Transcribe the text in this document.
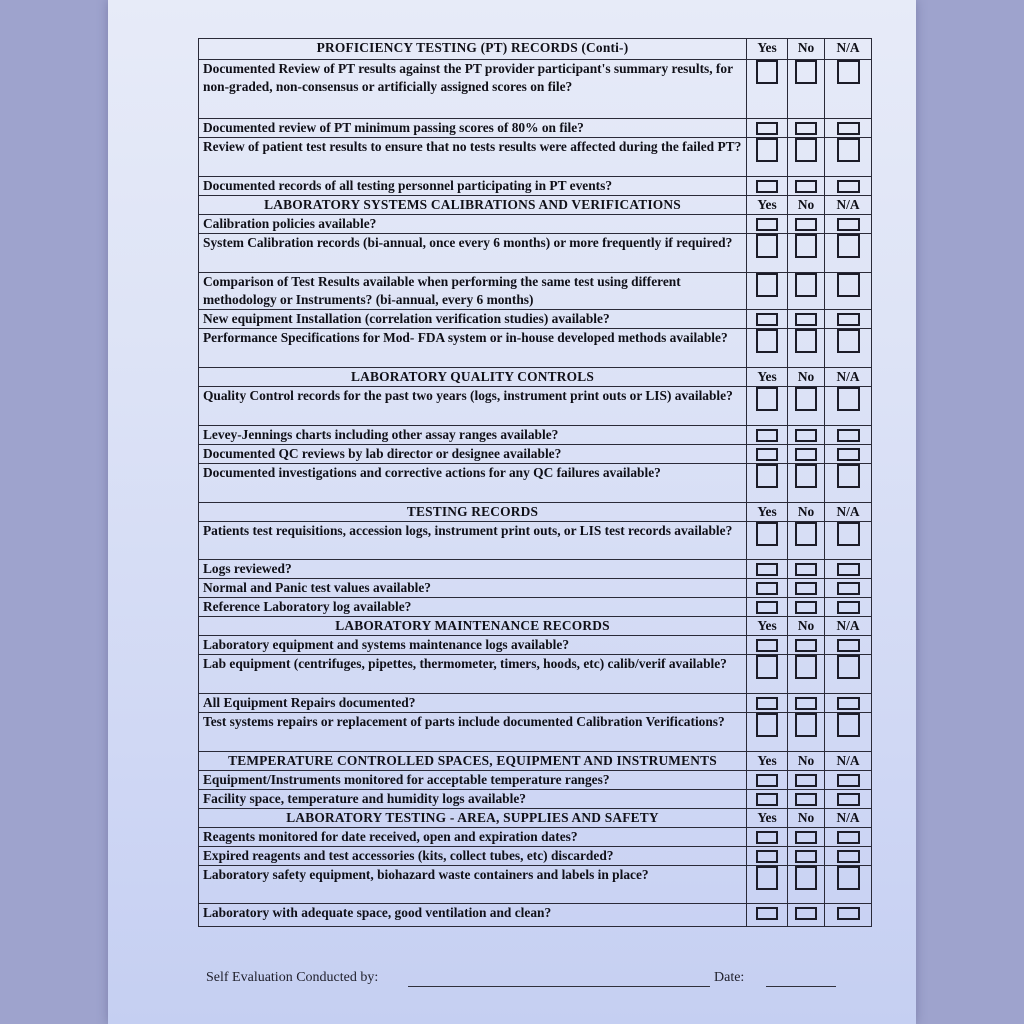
PROFICIENCY TESTING (PT) RECORDS (Conti-)	Yes	No	N/A
Documented Review of PT results against the PT provider participant's summary results, for non-graded, non-consensus or artificially assigned scores on file?			
Documented review of PT minimum passing scores of 80% on file?			
Review of patient test results to ensure that no tests results were affected during the failed PT?			
Documented records of all testing personnel participating in PT events?			
LABORATORY SYSTEMS CALIBRATIONS AND VERIFICATIONS	Yes	No	N/A
Calibration policies available?			
System Calibration records (bi-annual, once every 6 months) or more frequently if required?			
Comparison of Test Results available when performing the same test using different methodology or Instruments? (bi-annual, every 6 months)			
New equipment Installation (correlation verification studies) available?			
Performance Specifications for Mod- FDA system or in-house developed methods available?			
LABORATORY QUALITY CONTROLS	Yes	No	N/A
Quality Control records for the past two years (logs, instrument print outs or LIS) available?			
Levey-Jennings charts including other assay ranges available?			
Documented QC reviews by lab director or designee available?			
Documented investigations and corrective actions for any QC failures available?			
TESTING RECORDS	Yes	No	N/A
Patients test requisitions, accession logs, instrument print outs, or LIS test records available?			
Logs reviewed?			
Normal and Panic test values available?			
Reference Laboratory log available?			
LABORATORY MAINTENANCE RECORDS	Yes	No	N/A
Laboratory equipment and systems maintenance logs available?			
Lab equipment (centrifuges, pipettes, thermometer, timers, hoods, etc) calib/verif available?			
All Equipment Repairs documented?			
Test systems repairs or replacement of parts include documented Calibration Verifications?			
TEMPERATURE CONTROLLED SPACES, EQUIPMENT AND INSTRUMENTS	Yes	No	N/A
Equipment/Instruments monitored for acceptable temperature ranges?			
Facility space, temperature and humidity logs available?			
LABORATORY TESTING - AREA, SUPPLIES AND SAFETY	Yes	No	N/A
Reagents monitored for date received, open and expiration dates?			
Expired reagents and test accessories (kits, collect tubes, etc) discarded?			
Laboratory safety equipment, biohazard waste containers and labels in place?			
Laboratory with adequate space, good ventilation and clean?			
Self Evaluation Conducted by:	Date:
